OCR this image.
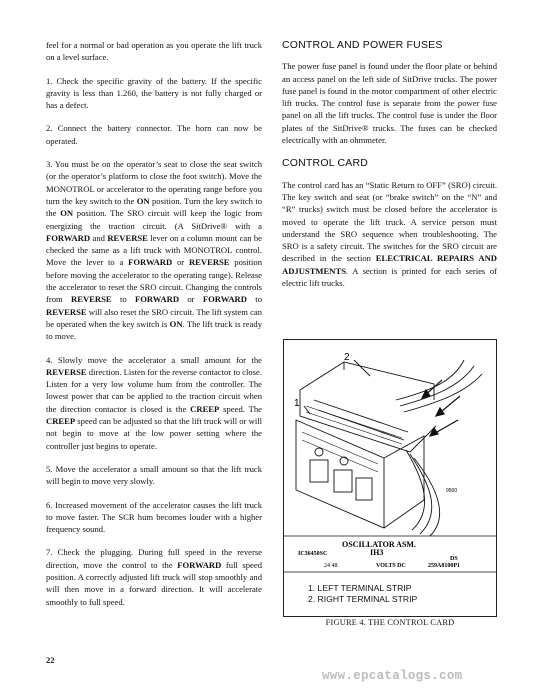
feel for a normal or bad operation as you operate the lift truck on a level surface.

1. Check the specific gravity of the battery. If the specific gravity is less than 1.260, the battery is not fully charged or has a defect.

2. Connect the battery connector. The horn can now be operated.

3. You must be on the operator’s seat to close the seat switch (or the operator’s platform to close the foot switch). Move the MONOTROL or accelerator to the operating range before you turn the key switch to the ON position. Turn the key switch to the ON position. The SRO circuit will keep the logic from energizing the traction circuit. (A SitDrive® with a FORWARD and REVERSE lever on a column mount can be checked the same as a lift truck with MONOTROL control. Move the lever to a FORWARD or REVERSE position before moving the accelerator to the operating range). Release the accelerator to reset the SRO circuit. Changing the controls from REVERSE to FORWARD or FORWARD to REVERSE will also reset the SRO circuit. The lift system can be operated when the key switch is ON. The lift truck is ready to move.

4. Slowly move the accelerator a small amount for the REVERSE direction. Listen for the reverse contactor to close. Listen for a very low volume hum from the controller. The lowest power that can be applied to the traction circuit when the direction contactor is closed is the CREEP speed. The CREEP speed can be adjusted so that the lift truck will or will not begin to move at the low power setting where the controller just begins to operate.

5. Move the accelerator a small amount so that the lift truck will begin to move very slowly.

6. Increased movement of the accelerator causes the lift truck to move faster. The SCR hum becomes louder with a higher frequency sound.

7. Check the plugging. During full speed in the reverse direction, move the control to the FORWARD full speed position. A correctly adjusted lift truck will stop smoothly and will then move in a forward direction. It will accelerate smoothly to full speed.

CONTROL AND POWER FUSES

The power fuse panel is found under the floor plate or behind an access panel on the left side of SitDrive trucks. The power fuse panel is found in the motor compartment of other electric lift trucks. The control fuse is separate from the power fuse panel on all the lift trucks. The control fuse is under the floor plates of the SitDrive® trucks. The fuses can be checked electrically with an ohmmeter.

CONTROL CARD

The control card has an “Static Return to OFF” (SRO) circuit. The key switch and seat (or “brake switch” on the “N” and “R” trucks) switch must be closed before the accelerator is moved to operate the lift truck. A service person must understand the SRO sequence when troubleshooting. The SRO is a safety circuit. The switches for the SRO circuit are described in the section ELECTRICAL REPAIRS AND ADJUSTMENTS. A section is printed for each series of electric lift trucks.

2
1
9500
OSCILLATOR ASM.
IC36450SC	IH3
DS
24 48	VOLTS DC	259A8100P1
1. LEFT TERMINAL STRIP
2. RIGHT TERMINAL STRIP
FIGURE 4. THE CONTROL CARD
22
www.epcatalogs.com
